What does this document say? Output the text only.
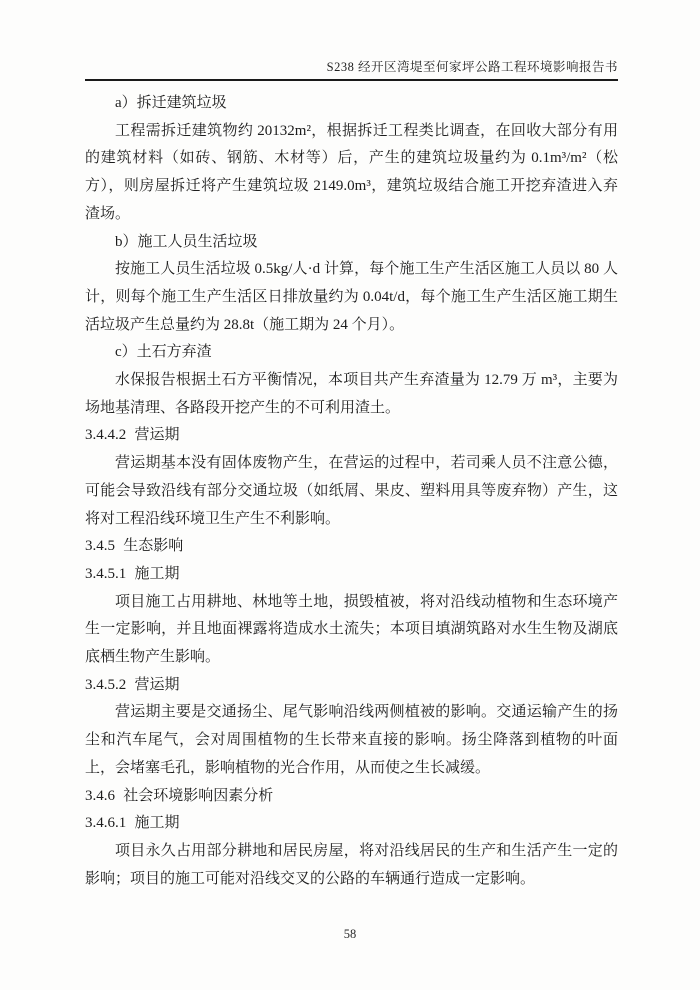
S238 经开区湾堤至何家坪公路工程环境影响报告书
a）拆迁建筑垃圾
工程需拆迁建筑物约 20132m²，根据拆迁工程类比调查，在回收大部分有用的建筑材料（如砖、钢筋、木材等）后，产生的建筑垃圾量约为 0.1m³/m²（松方），则房屋拆迁将产生建筑垃圾 2149.0m³，建筑垃圾结合施工开挖弃渣进入弃渣场。
b）施工人员生活垃圾
按施工人员生活垃圾 0.5kg/人·d 计算，每个施工生产生活区施工人员以 80 人计，则每个施工生产生活区日排放量约为 0.04t/d，每个施工生产生活区施工期生活垃圾产生总量约为 28.8t（施工期为 24 个月）。
c）土石方弃渣
水保报告根据土石方平衡情况，本项目共产生弃渣量为 12.79 万 m³，主要为场地基清理、各路段开挖产生的不可利用渣土。
3.4.4.2 营运期
营运期基本没有固体废物产生，在营运的过程中，若司乘人员不注意公德，可能会导致沿线有部分交通垃圾（如纸屑、果皮、塑料用具等废弃物）产生，这将对工程沿线环境卫生产生不利影响。
3.4.5 生态影响
3.4.5.1 施工期
项目施工占用耕地、林地等土地，损毁植被，将对沿线动植物和生态环境产生一定影响，并且地面裸露将造成水土流失；本项目填湖筑路对水生生物及湖底底栖生物产生影响。
3.4.5.2 营运期
营运期主要是交通扬尘、尾气影响沿线两侧植被的影响。交通运输产生的扬尘和汽车尾气，会对周围植物的生长带来直接的影响。扬尘降落到植物的叶面上，会堵塞毛孔，影响植物的光合作用，从而使之生长减缓。
3.4.6 社会环境影响因素分析
3.4.6.1 施工期
项目永久占用部分耕地和居民房屋，将对沿线居民的生产和生活产生一定的影响；项目的施工可能对沿线交叉的公路的车辆通行造成一定影响。
58
